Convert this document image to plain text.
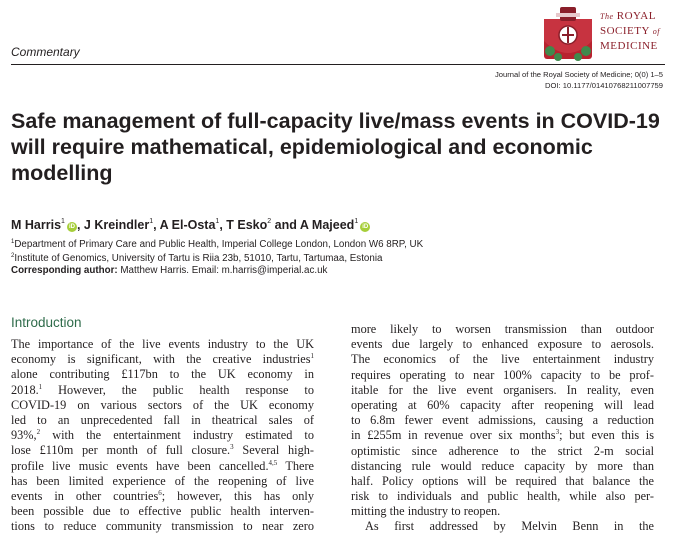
Commentary
The ROYAL
SOCIETY of
MEDICINE
Journal of the Royal Society of Medicine; 0(0) 1–5
DOI: 10.1177/01410768211007759
Safe management of full-capacity live/mass events in COVID-19 will require mathematical, epidemiological and economic modelling
M Harris$^1$iD , J Kreindler$^1$, A El-Osta$^1$, T Esko$^2$ and A Majeed$^1$iD
$^1$Department of Primary Care and Public Health, Imperial College London, London W6 8RP, UK
$^2$Institute of Genomics, University of Tartu is Riia 23b, 51010, Tartu, Tartumaa, Estonia
Corresponding author: Matthew Harris. Email: m.harris@imperial.ac.uk
Introduction
The importance of the live events industry to the UK
economy is significant, with the creative industries$^1$
alone contributing £117bn to the UK economy in
2018.$^1$ However, the public health response to
COVID-19 on various sectors of the UK economy
led to an unprecedented fall in theatrical sales of
93%,$^2$ with the entertainment industry estimated to
lose £110m per month of full closure.$^3$ Several high-
profile live music events have been cancelled.$^{4,5}$ There
has been limited experience of the reopening of live
events in other countries$^6$; however, this has only
been possible due to effective public health interven-
tions to reduce community transmission to near zero
more likely to worsen transmission than outdoor
events due largely to enhanced exposure to aerosols.
The economics of the live entertainment industry
requires operating to near 100% capacity to be prof-
itable for the live event organisers. In reality, even
operating at 60% capacity after reopening will lead
to 6.8m fewer event admissions, causing a reduction
in £255m in revenue over six months$^3$; but even this is
optimistic since adherence to the strict 2-m social
distancing rule would reduce capacity by more than
half. Policy options will be required that balance the
risk to individuals and public health, while also per-
mitting the industry to reopen.
As first addressed by Melvin Benn in the
